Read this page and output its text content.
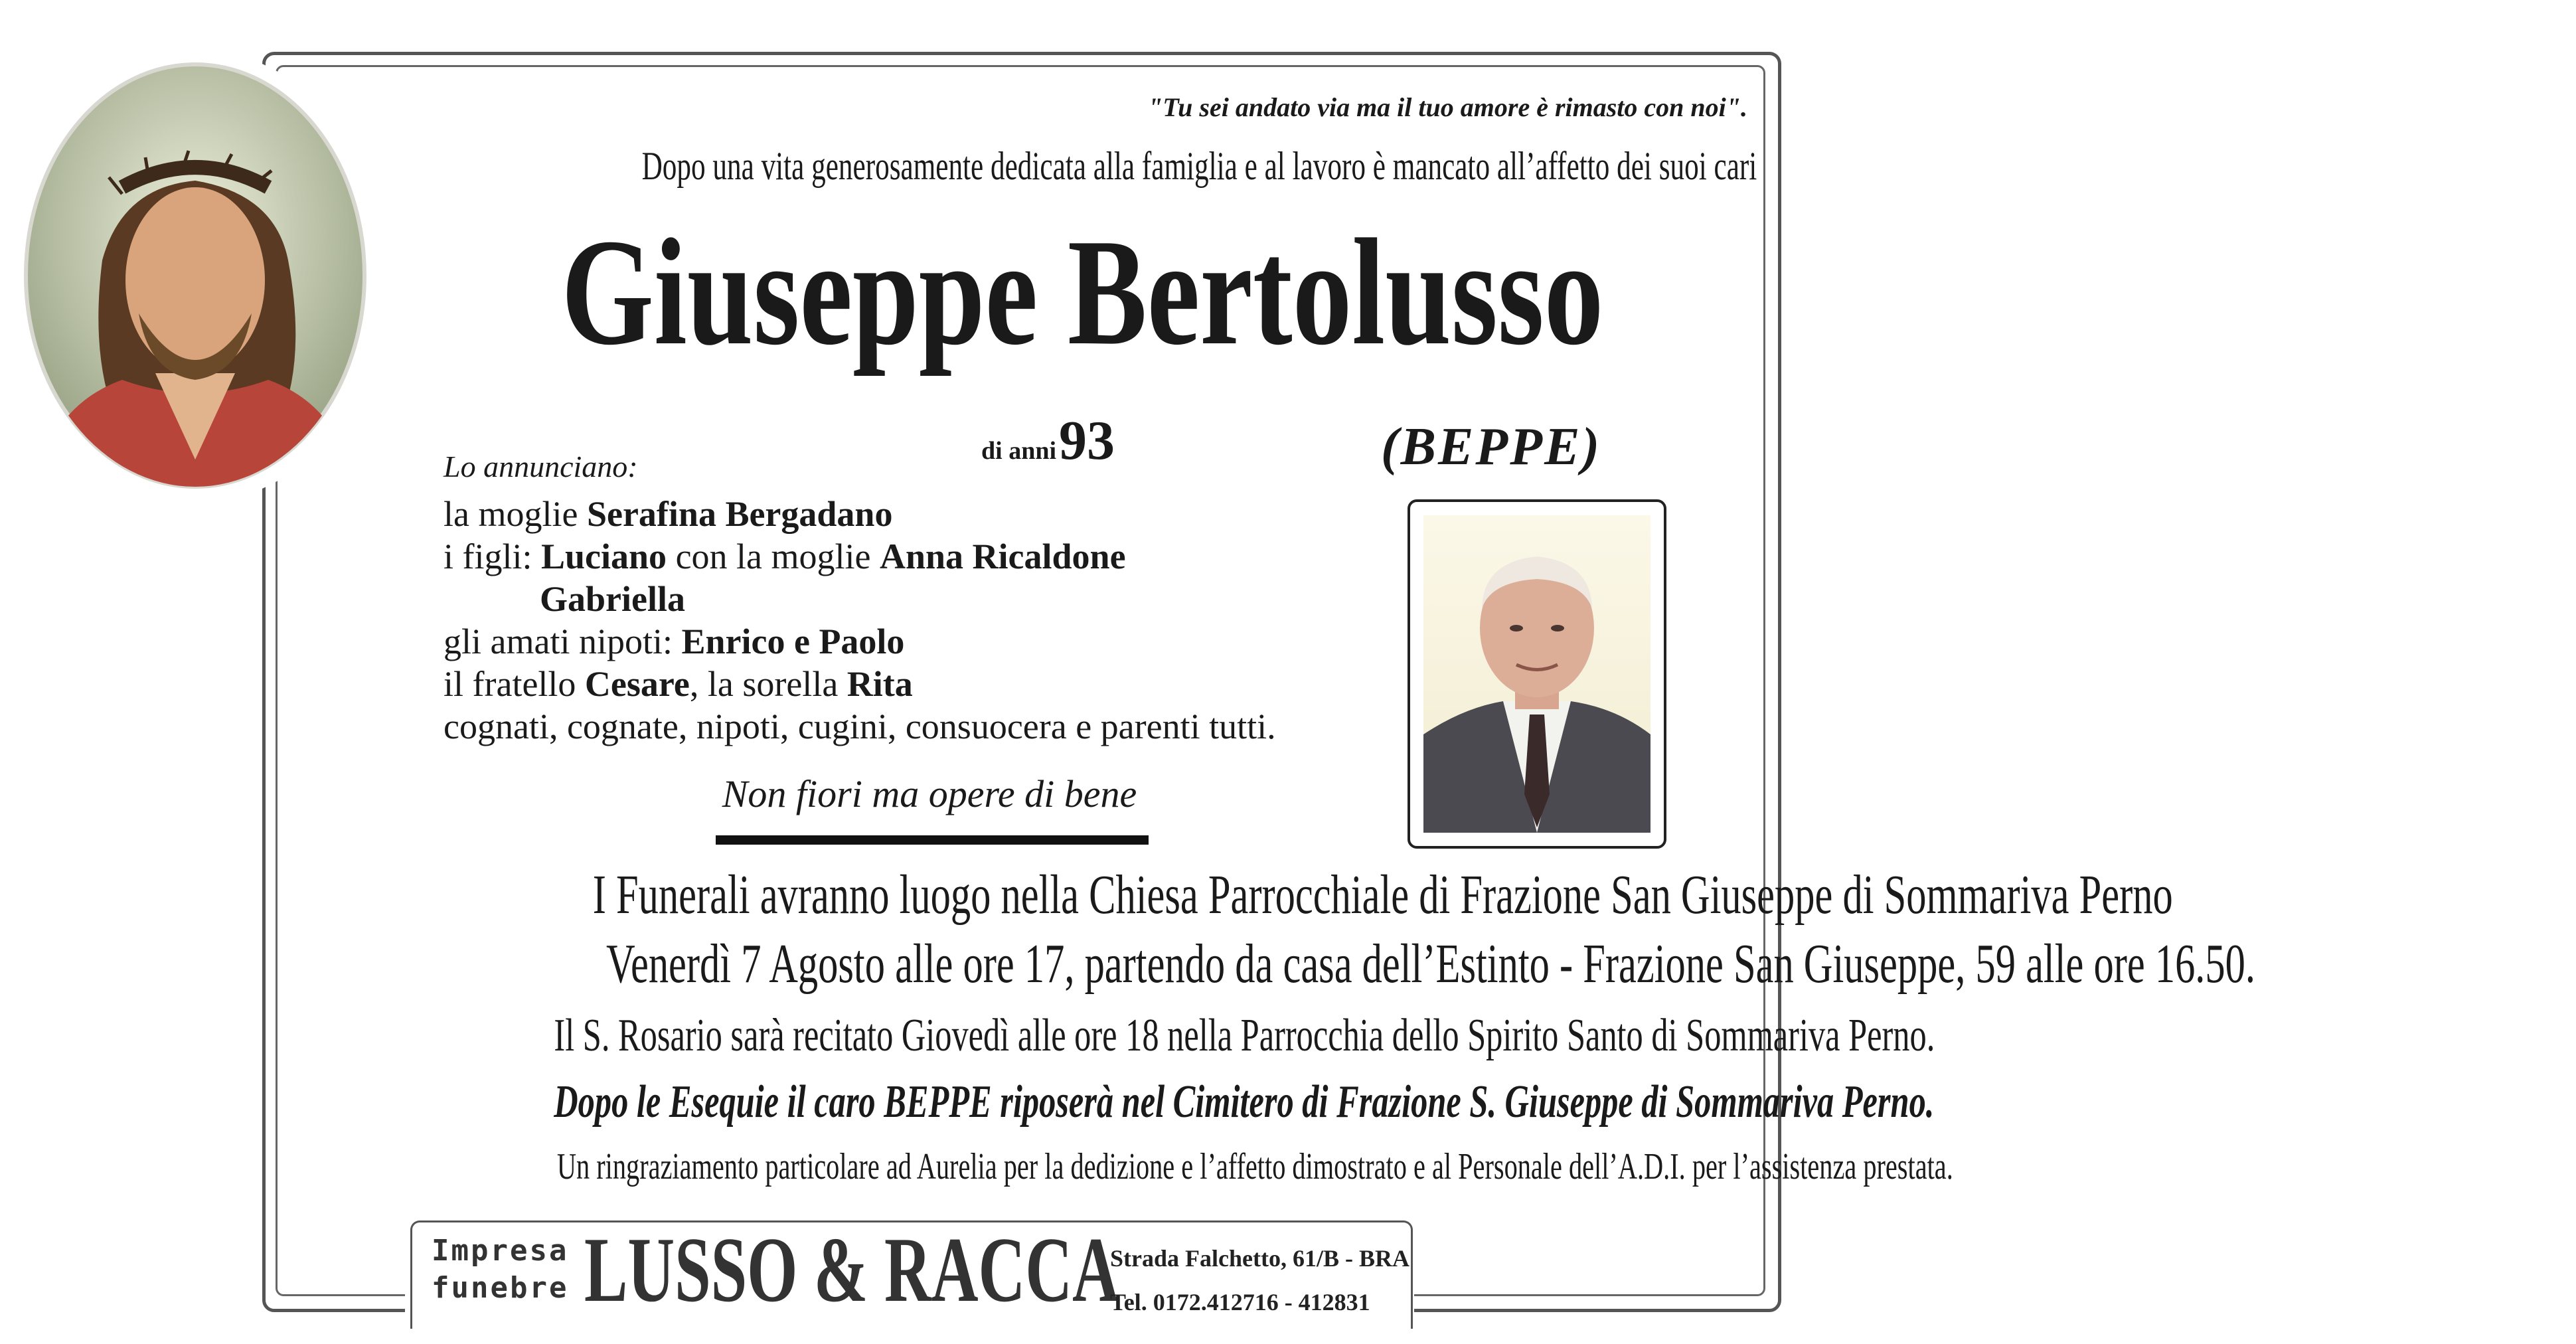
"Tu sei andato via ma il tuo amore è rimasto con noi".
Dopo una vita generosamente dedicata alla famiglia e al lavoro è mancato all’affetto dei suoi cari
Giuseppe Bertolusso
di anni 93	(BEPPE)
Lo annunciano:
la moglie Serafina Bergadano
i figli: Luciano con la moglie Anna Ricaldone
Gabriella
gli amati nipoti: Enrico e Paolo
il fratello Cesare, la sorella Rita
cognati, cognate, nipoti, cugini, consuocera e parenti tutti.
Non fiori ma opere di bene
I Funerali avranno luogo nella Chiesa Parrocchiale di Frazione San Giuseppe di Sommariva Perno
Venerdì 7 Agosto alle ore 17, partendo da casa dell’Estinto - Frazione San Giuseppe, 59 alle ore 16.50.
Il S. Rosario sarà recitato Giovedì alle ore 18 nella Parrocchia dello Spirito Santo di Sommariva Perno.
Dopo le Esequie il caro BEPPE riposerà nel Cimitero di Frazione S. Giuseppe di Sommariva Perno.
Un ringraziamento particolare ad Aurelia per la dedizione e l’affetto dimostrato e al Personale dell’A.D.I. per l’assistenza prestata.
Impresa
funebre LUSSO & RACCA
Strada Falchetto, 61/B - BRA
Tel. 0172.412716 - 412831
